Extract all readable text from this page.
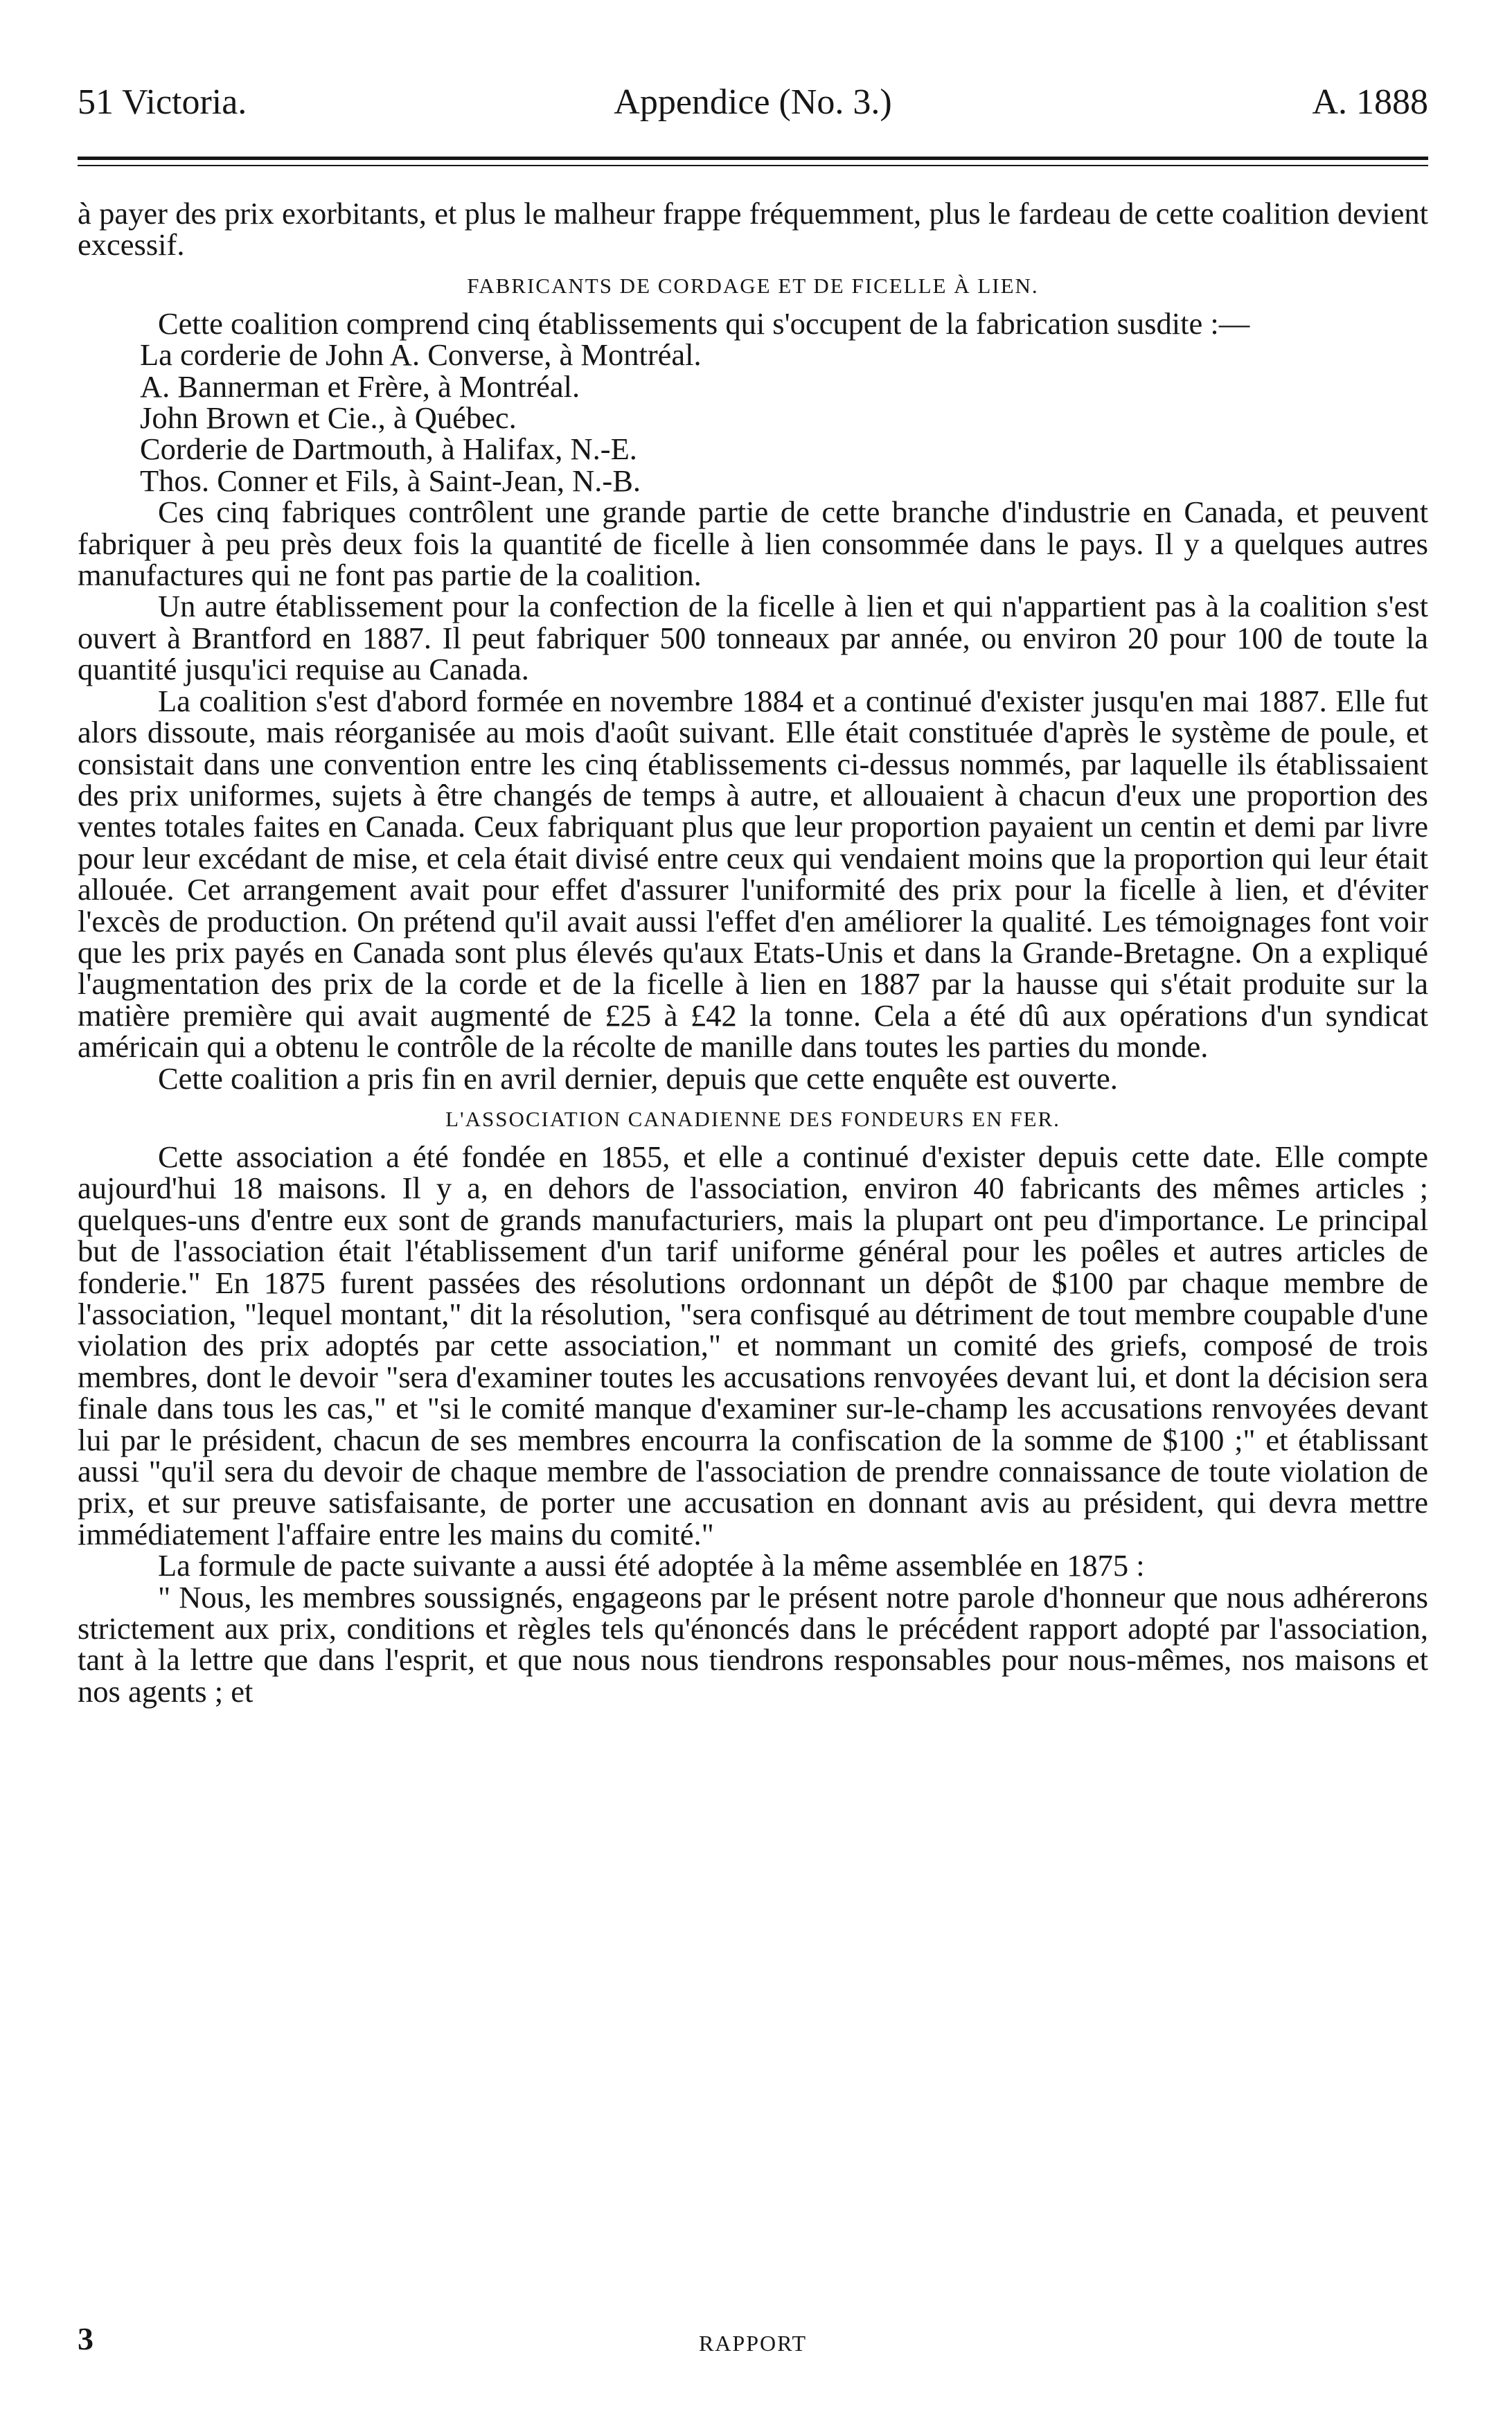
51 Victoria.	Appendice (No. 3.)	A. 1888

à payer des prix exorbitants, et plus le malheur frappe fréquemment, plus le fardeau de cette coalition devient excessif.

FABRICANTS DE CORDAGE ET DE FICELLE À LIEN.

Cette coalition comprend cinq établissements qui s'occupent de la fabrication susdite :—

La corderie de John A. Converse, à Montréal.

A. Bannerman et Frère, à Montréal.

John Brown et Cie., à Québec.

Corderie de Dartmouth, à Halifax, N.-E.

Thos. Conner et Fils, à Saint-Jean, N.-B.

Ces cinq fabriques contrôlent une grande partie de cette branche d'industrie en Canada, et peuvent fabriquer à peu près deux fois la quantité de ficelle à lien consommée dans le pays. Il y a quelques autres manufactures qui ne font pas partie de la coalition.

Un autre établissement pour la confection de la ficelle à lien et qui n'appartient pas à la coalition s'est ouvert à Brantford en 1887. Il peut fabriquer 500 tonneaux par année, ou environ 20 pour 100 de toute la quantité jusqu'ici requise au Canada.

La coalition s'est d'abord formée en novembre 1884 et a continué d'exister jusqu'en mai 1887. Elle fut alors dissoute, mais réorganisée au mois d'août suivant. Elle était constituée d'après le système de poule, et consistait dans une convention entre les cinq établissements ci-dessus nommés, par laquelle ils établissaient des prix uniformes, sujets à être changés de temps à autre, et allouaient à chacun d'eux une proportion des ventes totales faites en Canada. Ceux fabriquant plus que leur proportion payaient un centin et demi par livre pour leur excédant de mise, et cela était divisé entre ceux qui vendaient moins que la proportion qui leur était allouée. Cet arrangement avait pour effet d'assurer l'uniformité des prix pour la ficelle à lien, et d'éviter l'excès de production. On prétend qu'il avait aussi l'effet d'en améliorer la qualité. Les témoignages font voir que les prix payés en Canada sont plus élevés qu'aux Etats-Unis et dans la Grande-Bretagne. On a expliqué l'augmentation des prix de la corde et de la ficelle à lien en 1887 par la hausse qui s'était produite sur la matière première qui avait augmenté de £25 à £42 la tonne. Cela a été dû aux opérations d'un syndicat américain qui a obtenu le contrôle de la récolte de manille dans toutes les parties du monde.

Cette coalition a pris fin en avril dernier, depuis que cette enquête est ouverte.

L'ASSOCIATION CANADIENNE DES FONDEURS EN FER.

Cette association a été fondée en 1855, et elle a continué d'exister depuis cette date. Elle compte aujourd'hui 18 maisons. Il y a, en dehors de l'association, environ 40 fabricants des mêmes articles ; quelques-uns d'entre eux sont de grands manufacturiers, mais la plupart ont peu d'importance. Le principal but de l'association était l'établissement d'un tarif uniforme général pour les poêles et autres articles de fonderie." En 1875 furent passées des résolutions ordonnant un dépôt de $100 par chaque membre de l'association, "lequel montant," dit la résolution, "sera confisqué au détriment de tout membre coupable d'une violation des prix adoptés par cette association," et nommant un comité des griefs, composé de trois membres, dont le devoir "sera d'examiner toutes les accusations renvoyées devant lui, et dont la décision sera finale dans tous les cas," et "si le comité manque d'examiner sur-le-champ les accusations renvoyées devant lui par le président, chacun de ses membres encourra la confiscation de la somme de $100 ;" et établissant aussi "qu'il sera du devoir de chaque membre de l'association de prendre connaissance de toute violation de prix, et sur preuve satisfaisante, de porter une accusation en donnant avis au président, qui devra mettre immédiatement l'affaire entre les mains du comité."

La formule de pacte suivante a aussi été adoptée à la même assemblée en 1875 :

" Nous, les membres soussignés, engageons par le présent notre parole d'honneur que nous adhérerons strictement aux prix, conditions et règles tels qu'énoncés dans le précédent rapport adopté par l'association, tant à la lettre que dans l'esprit, et que nous nous tiendrons responsables pour nous-mêmes, nos maisons et nos agents ; et

3	RAPPORT
